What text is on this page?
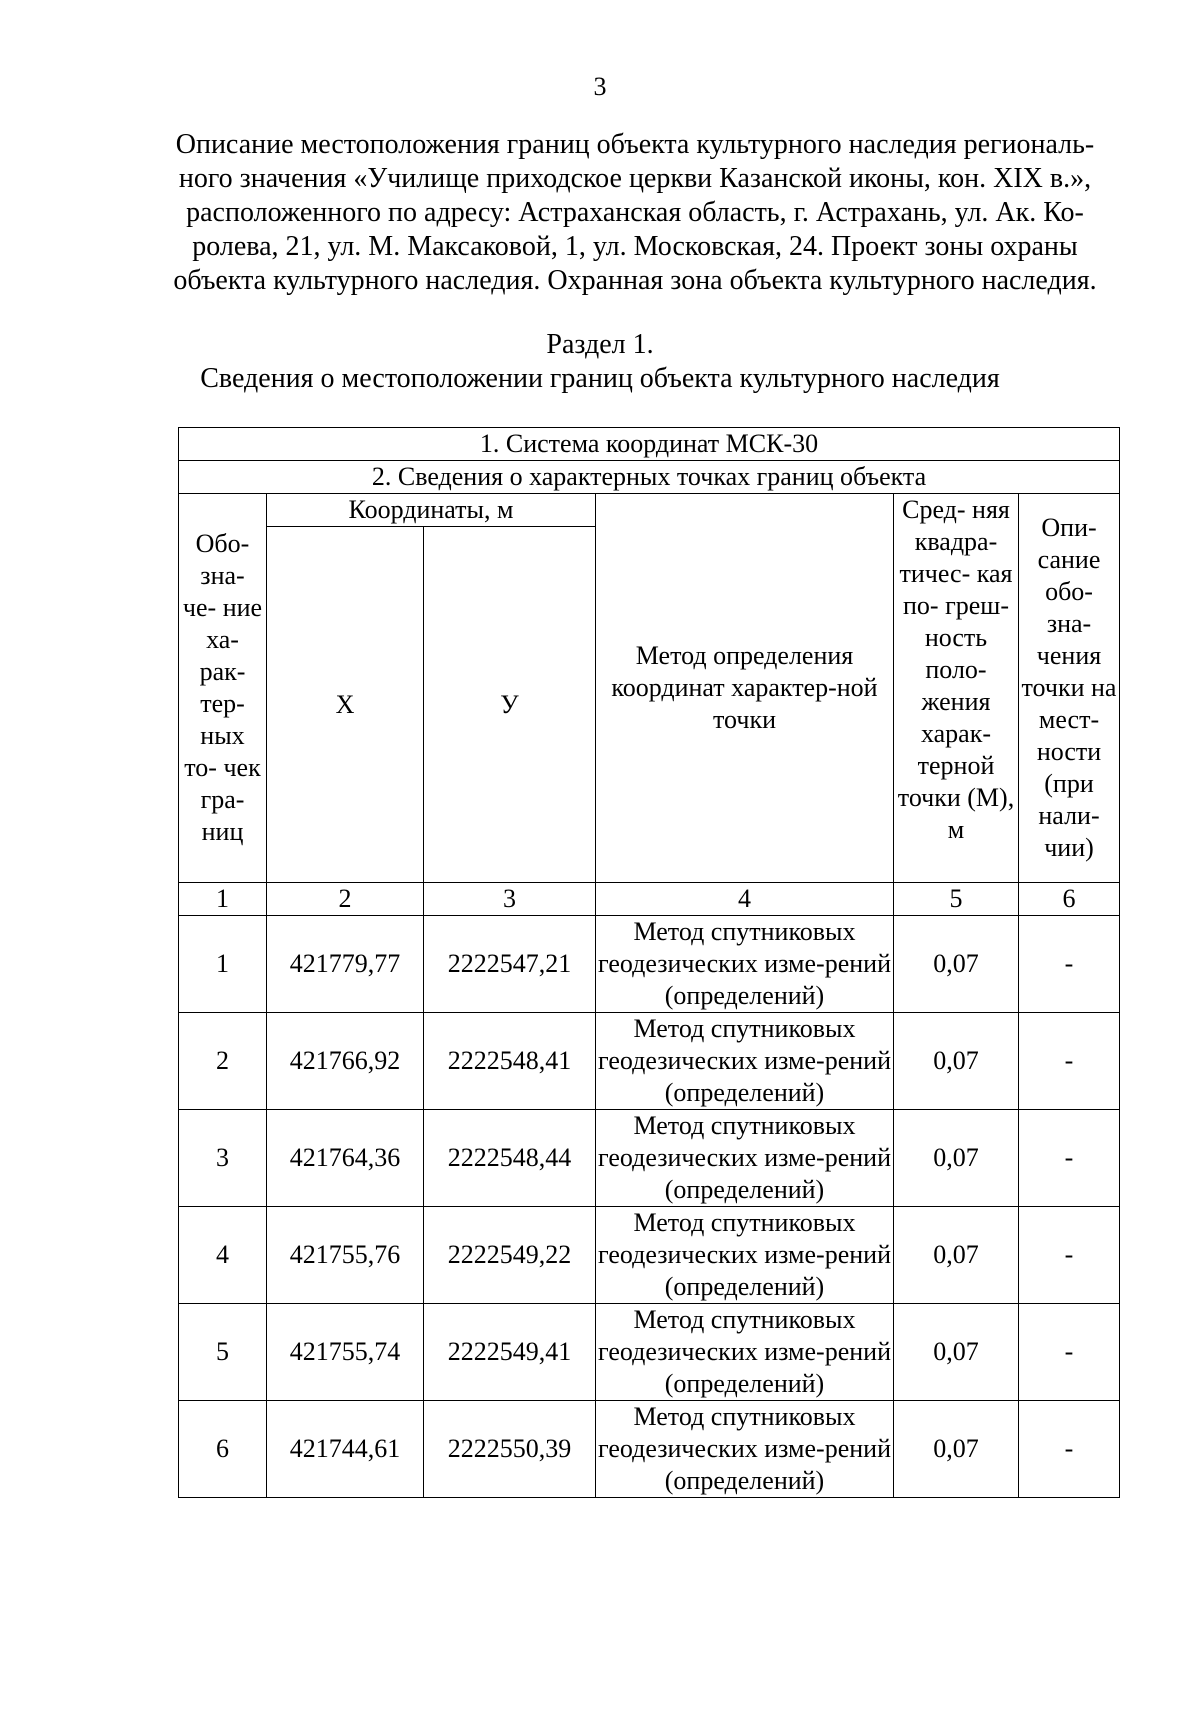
3
Описание местоположения границ объекта культурного наследия региональ-ного значения «Училище приходское церкви Казанской иконы, кон. XIX в.», расположенного по адресу: Астраханская область, г. Астрахань, ул. Ак. Ко-ролева, 21, ул. М. Максаковой, 1, ул. Московская, 24. Проект зоны охраны объекта культурного наследия. Охранная зона объекта культурного наследия.
Раздел 1.
Сведения о местоположении границ объекта культурного наследия
1. Система координат МСК-30					
2. Сведения о характерных точках границ объекта					
Обо- зна- че- ние ха- рак- тер- ных то- чек гра- ниц	Координаты, м		Метод определения координат характер-ной точки	Сред- няя квадра- тичес- кая по- греш- ность поло- жения харак- терной точки (М), м	Опи- сание обо- зна- чения точки на мест- ности (при нали- чии)
	X	У			
1	2	3	4	5	6
1	421779,77	2222547,21	Метод спутниковых геодезических изме-рений (определений)	0,07	-
2	421766,92	2222548,41	Метод спутниковых геодезических изме-рений (определений)	0,07	-
3	421764,36	2222548,44	Метод спутниковых геодезических изме-рений (определений)	0,07	-
4	421755,76	2222549,22	Метод спутниковых геодезических изме-рений (определений)	0,07	-
5	421755,74	2222549,41	Метод спутниковых геодезических изме-рений (определений)	0,07	-
6	421744,61	2222550,39	Метод спутниковых геодезических изме-рений (определений)	0,07	-
